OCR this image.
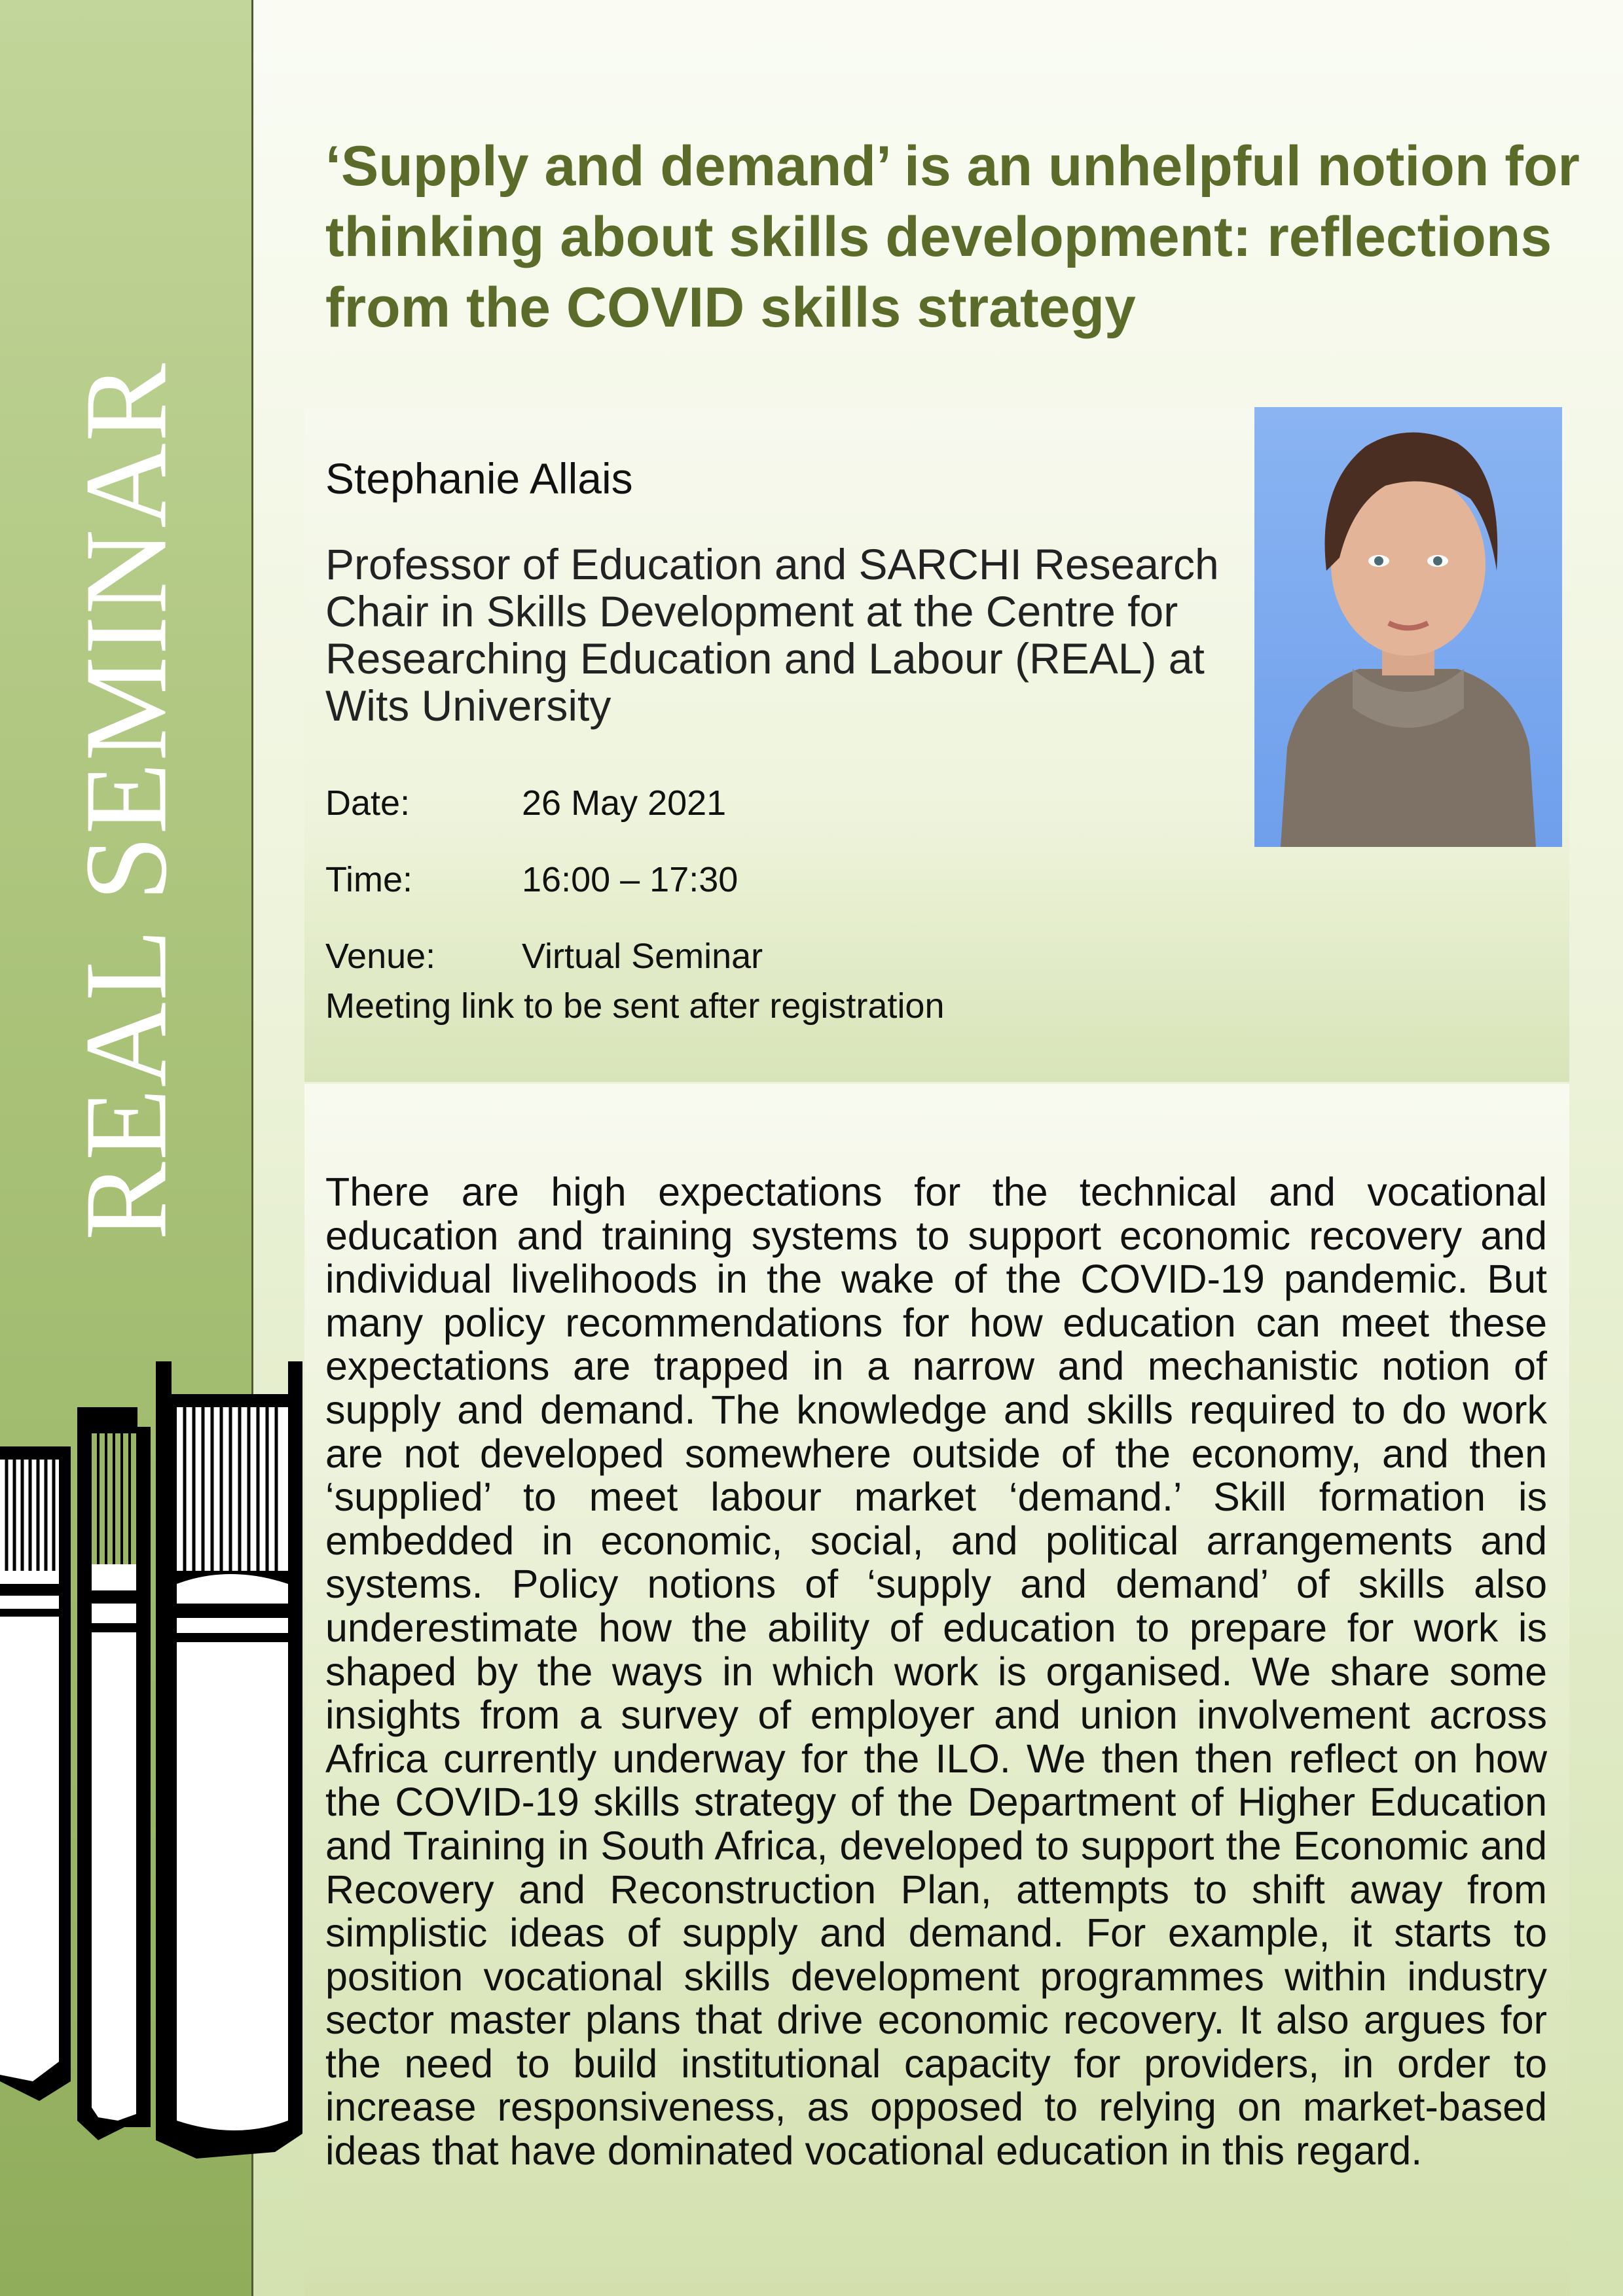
REAL SEMINAR
‘Supply and demand’ is an unhelpful notion for thinking about skills development: reflections from the COVID skills strategy
Stephanie Allais
Professor of Education and SARCHI Research Chair in Skills Development at the Centre for Researching Education and Labour (REAL) at Wits University
Date:	26 May 2021
Time:	16:00 – 17:30
Venue: Virtual Seminar
Meeting link to be sent after registration

There are high expectations for the technical and vocational education and training systems to support economic recovery and individual livelihoods in the wake of the COVID-19 pandemic. But many policy recommendations for how education can meet these expectations are trapped in a narrow and mechanistic notion of supply and demand. The knowledge and skills required to do work are not developed somewhere outside of the economy, and then ‘supplied’ to meet labour market ‘demand.’ Skill formation is embedded in economic, social, and political arrangements and systems. Policy notions of ‘supply and demand’ of skills also underestimate how the ability of education to prepare for work is shaped by the ways in which work is organised. We share some insights from a survey of employer and union involvement across Africa currently underway for the ILO. We then then reflect on how the COVID-19 skills strategy of the Department of Higher Education and Training in South Africa, developed to support the Economic and Recovery and Reconstruction Plan, attempts to shift away from simplistic ideas of supply and demand. For example, it starts to position vocational skills development programmes within industry sector master plans that drive economic recovery. It also argues for the need to build institutional capacity for providers, in order to increase responsiveness, as opposed to relying on market-based ideas that have dominated vocational education in this regard.
